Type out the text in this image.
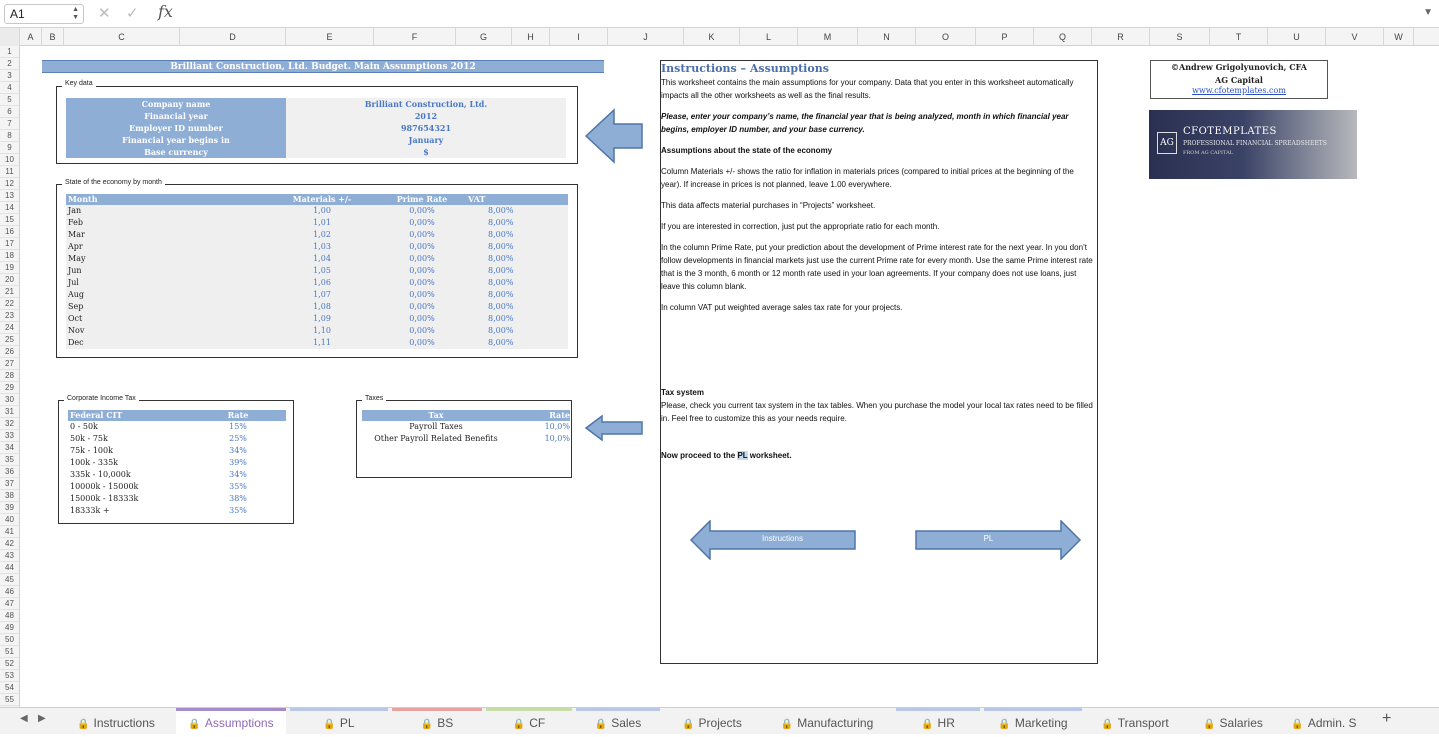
A1	▲
▼ ✕ ✓ fx	▼
A	B	C	D	E	F	G	H	I	J	K	L	M	N	O	P	Q	R	S	T	U	V	W
1
2
3
4
5
6
7
8
9
10
11
12
13
14
15
16
17
18
19
20
21
22
23
24
25
26
27
28
29
30
31
32
33
34
35
36
37
38
39
40
41
42
43
44
45
46
47
48
49
50
51
52
53
54
55
Brilliant Construction, Ltd. Budget. Main Assumptions 2012
Key data
Company name	Brilliant Construction, Ltd.
Financial year	2012
Employer ID number	987654321
Financial year begins in	January
Base currency	$
State of the economy by month
Month	Materials +/-	Prime Rate	VAT
Jan	1,00	0,00%	8,00%
Feb	1,01	0,00%	8,00%
Mar	1,02	0,00%	8,00%
Apr	1,03	0,00%	8,00%
May	1,04	0,00%	8,00%
Jun	1,05	0,00%	8,00%
Jul	1,06	0,00%	8,00%
Aug	1,07	0,00%	8,00%
Sep	1,08	0,00%	8,00%
Oct	1,09	0,00%	8,00%
Nov	1,10	0,00%	8,00%
Dec	1,11	0,00%	8,00%
Corporate Income Tax
Federal CIT	Rate
0 - 50k	15%
50k - 75k	25%
75k - 100k	34%
100k - 335k	39%
335k - 10,000k	34%
10000k - 15000k	35%
15000k - 18333k	38%
18333k +	35%
Taxes
Tax	Rate
Payroll Taxes	10,0%
Other Payroll Related Benefits	10,0%
Instructions – Assumptions
This worksheet contains the main assumptions for your company. Data that you enter in this worksheet automatically impacts all the other worksheets as well as the final results.
Please, enter your company’s name, the financial year that is being analyzed, month in which financial year begins, employer ID number, and your base currency.
Assumptions about the state of the economy
Column Materials +/- shows the ratio for inflation in materials prices (compared to initial prices at the beginning of the year). If increase in prices is not planned, leave 1.00 everywhere.
This data affects material purchases in “Projects” worksheet.
If you are interested in correction, just put the appropriate ratio for each month.
In the column Prime Rate, put your prediction about the development of Prime interest rate for the next year. In you don’t follow developments in financial markets just use the current Prime rate for every month. Use the same Prime interest rate that is the 3 month, 6 month or 12 month rate used in your loan agreements. If your company does not use loans, just leave this column blank.
In column VAT put weighted average sales tax rate for your projects.
Tax system
Please, check you current tax system in the tax tables. When you purchase the model your local tax rates need to be filled in. Feel free to customize this as your needs require.
Now proceed to the PL worksheet.
Instructions	PL
©Andrew Grigolyunovich, CFA
AG Capital
www.cfotemplates.com
AG
CFOTEMPLATES
PROFESSIONAL FINANCIAL SPREADSHEETS
FROM AG CAPITAL
◀ ▶
🔒 Instructions	🔒 Assumptions	🔒 PL	🔒 BS	🔒 CF	🔒 Sales	🔒 Projects	🔒 Manufacturing	🔒 HR	🔒 Marketing	🔒 Transport	🔒 Salaries	🔒 Admin. S	+
